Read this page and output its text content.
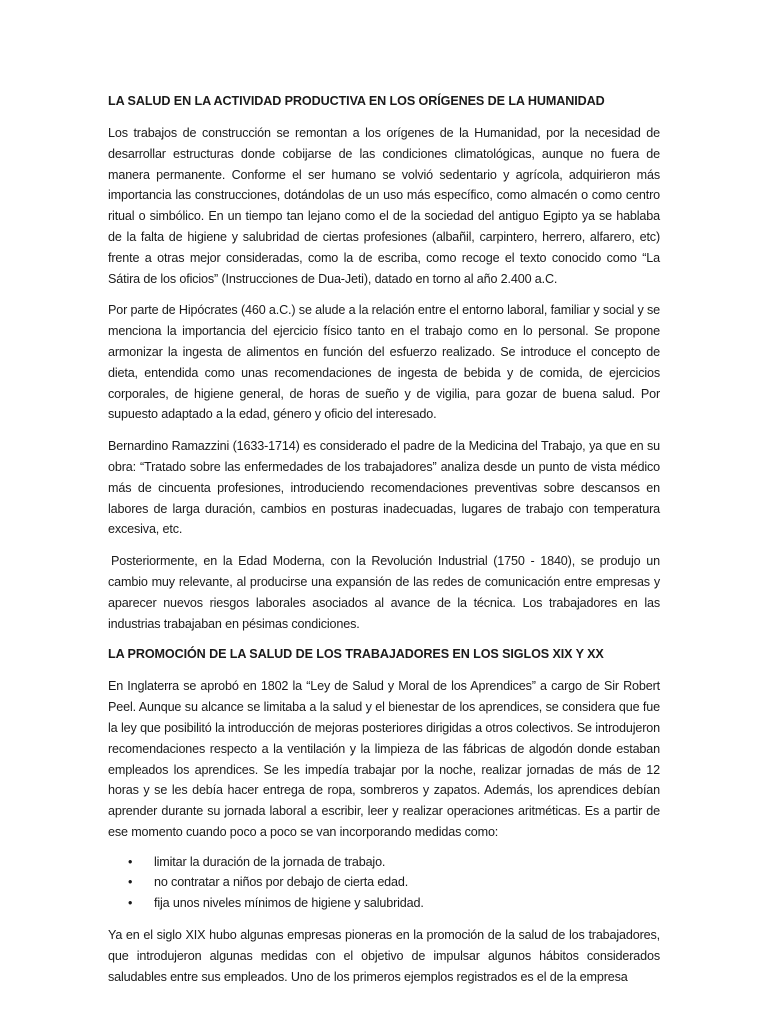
LA SALUD EN LA ACTIVIDAD PRODUCTIVA EN LOS ORÍGENES DE LA HUMANIDAD

Los trabajos de construcción se remontan a los orígenes de la Humanidad, por la necesidad de desarrollar estructuras donde cobijarse de las condiciones climatológicas, aunque no fuera de manera permanente. Conforme el ser humano se volvió sedentario y agrícola, adquirieron más importancia las construcciones, dotándolas de un uso más específico, como almacén o como centro ritual o simbólico. En un tiempo tan lejano como el de la sociedad del antiguo Egipto ya se hablaba de la falta de higiene y salubridad de ciertas profesiones (albañil, carpintero, herrero, alfarero, etc) frente a otras mejor consideradas, como la de escriba, como recoge el texto conocido como “La Sátira de los oficios” (Instrucciones de Dua-Jeti), datado en torno al año 2.400 a.C.

Por parte de Hipócrates (460 a.C.) se alude a la relación entre el entorno laboral, familiar y social y se menciona la importancia del ejercicio físico tanto en el trabajo como en lo personal. Se propone armonizar la ingesta de alimentos en función del esfuerzo realizado. Se introduce el concepto de dieta, entendida como unas recomendaciones de ingesta de bebida y de comida, de ejercicios corporales, de higiene general, de horas de sueño y de vigilia, para gozar de buena salud. Por supuesto adaptado a la edad, género y oficio del interesado.

Bernardino Ramazzini (1633-1714) es considerado el padre de la Medicina del Trabajo, ya que en su obra: “Tratado sobre las enfermedades de los trabajadores” analiza desde un punto de vista médico más de cincuenta profesiones, introduciendo recomendaciones preventivas sobre descansos en labores de larga duración, cambios en posturas inadecuadas, lugares de trabajo con temperatura excesiva, etc.

Posteriormente, en la Edad Moderna, con la Revolución Industrial (1750 - 1840), se produjo un cambio muy relevante, al producirse una expansión de las redes de comunicación entre empresas y aparecer nuevos riesgos laborales asociados al avance de la técnica. Los trabajadores en las industrias trabajaban en pésimas condiciones.

LA PROMOCIÓN DE LA SALUD DE LOS TRABAJADORES EN LOS SIGLOS XIX Y XX

En Inglaterra se aprobó en 1802 la “Ley de Salud y Moral de los Aprendices” a cargo de Sir Robert Peel. Aunque su alcance se limitaba a la salud y el bienestar de los aprendices, se considera que fue la ley que posibilitó la introducción de mejoras posteriores dirigidas a otros colectivos. Se introdujeron recomendaciones respecto a la ventilación y la limpieza de las fábricas de algodón donde estaban empleados los aprendices. Se les impedía trabajar por la noche, realizar jornadas de más de 12 horas y se les debía hacer entrega de ropa, sombreros y zapatos. Además, los aprendices debían aprender durante su jornada laboral a escribir, leer y realizar operaciones aritméticas. Es a partir de ese momento cuando poco a poco se van incorporando medidas como:

• limitar la duración de la jornada de trabajo.
• no contratar a niños por debajo de cierta edad.
• fija unos niveles mínimos de higiene y salubridad.

Ya en el siglo XIX hubo algunas empresas pioneras en la promoción de la salud de los trabajadores, que introdujeron algunas medidas con el objetivo de impulsar algunos hábitos considerados saludables entre sus empleados. Uno de los primeros ejemplos registrados es el de la empresa
